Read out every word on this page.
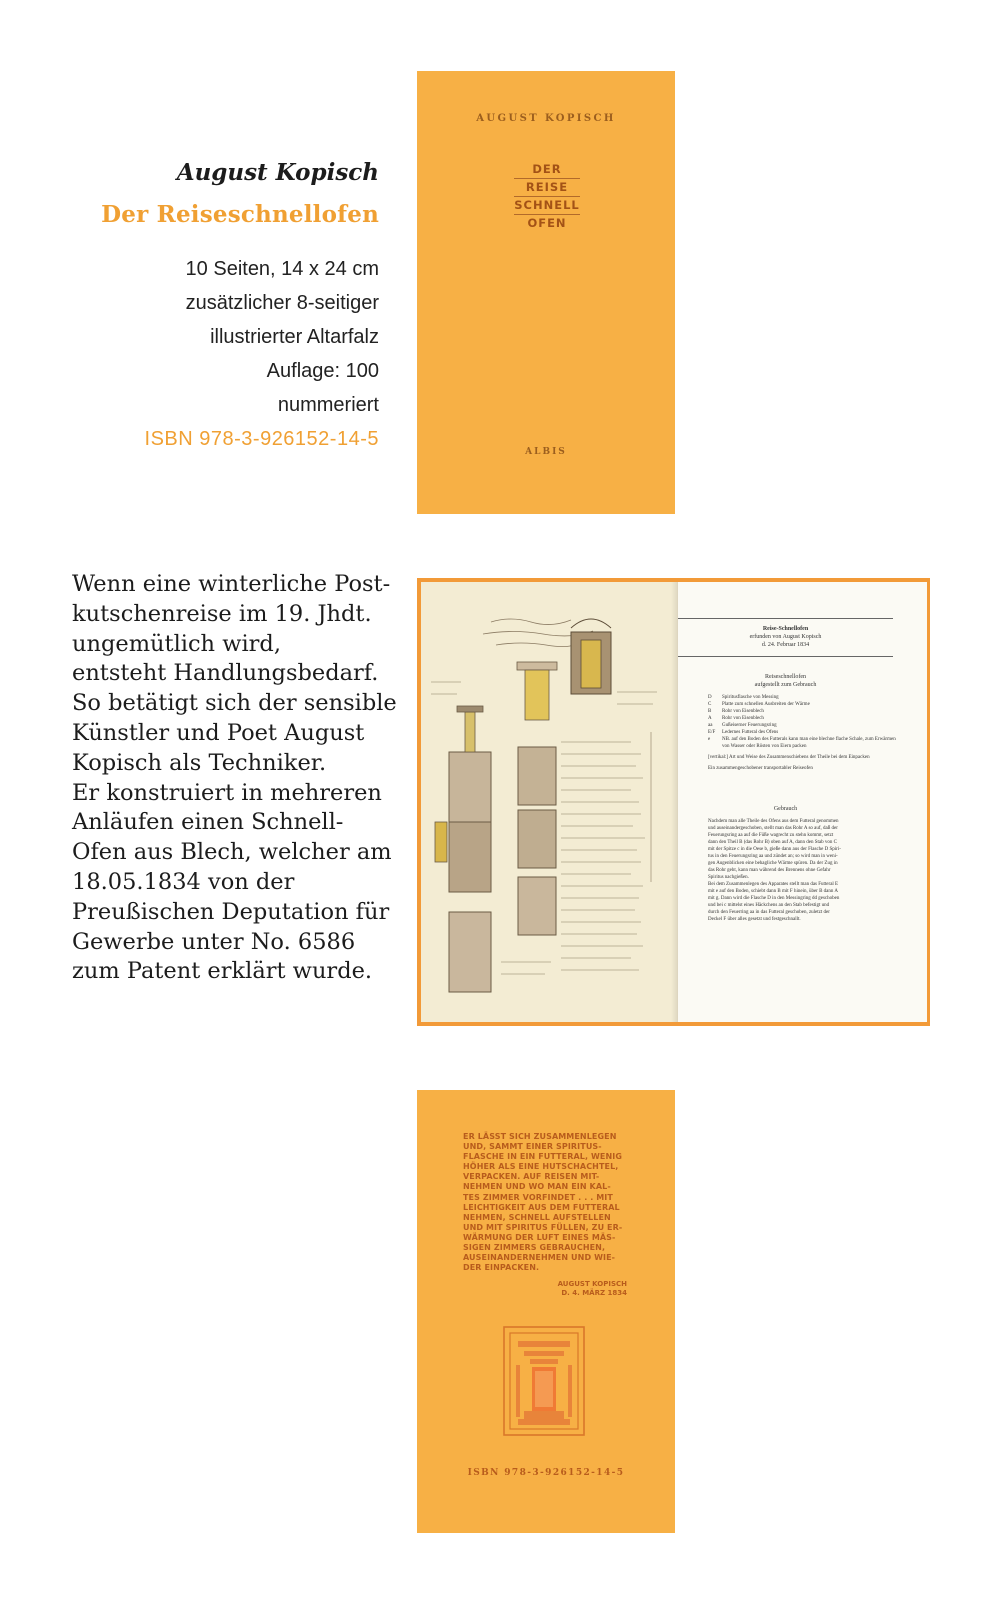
August Kopisch
Der Reiseschnellofen
10 Seiten, 14 x 24 cm
zusätzlicher 8-seitiger
illustrierter Altarfalz
Auflage: 100
nummeriert
ISBN 978-3-926152-14-5
AUGUST KOPISCH
DER
REISE
SCHNELL
OFEN
ALBIS
Wenn eine winterliche Post-
kutschenreise im 19. Jhdt.
ungemütlich wird,
entsteht Handlungsbedarf.
So betätigt sich der sensible
Künstler und Poet August
Kopisch als Techniker.
Er konstruiert in mehreren
Anläufen einen Schnell-
Ofen aus Blech, welcher am
18.05.1834 von der
Preußischen Deputation für
Gewerbe unter No. 6586
zum Patent erklärt wurde.
Reise-Schnellofen
erfunden von August Kopisch
d. 24. Februar 1834
Reiseschnellofen
aufgestellt zum Gebrauch
D Spiritusflasche von Messing
C Platte zum schnellen Ausbreiten der Wärme
B Rohr von Eisenblech
A Rohr von Eisenblech
aa Gußeiserner Feuerungsring
E/F Ledernes Futteral des Ofens
e	NB. auf den Boden des Futterals kann man eine blechne flache Schale, zum Erwärmen von Wasser oder Rösten von Eiern packen
[vertikal:] Art und Weise des Zusammenschiebens der Theile bei dem Einpacken
Ein zusammengeschobener transportabler Reiseofen
Gebrauch
Nachdem man alle Theile des Ofens aus dem Futteral genommen
und auseinandergeschoben, stellt man das Rohr A so auf, daß der
Feuerungsring aa auf die Füße wagrecht zu stehn kommt, setzt
dann den Theil B (das Rohr B) oben auf A, dann den Stab von C
mit der Spitze c in die Oese b, gieße dann aus der Flasche D Spiri-
tus in den Feuerungsring aa und zündet an; so wird man in weni-
gen Augenblicken eine behagliche Wärme spüren. Da der Zug in
das Rohr geht, kann man während des Brennens ohne Gefahr
Spiritus nachgießen.
Bei dem Zusammenlegen des Apparates stellt man das Futteral E
mit e auf den Boden, schiebt dann B mit F hinein, über B dann A
mit g. Dann wird die Flasche D in den Messingring dd geschoben
und bei c mittelst eines Häckchens an den Stab befestigt und
durch den Feuerring aa in das Futteral geschoben, zuletzt der
Deckel F über alles gesetzt und festgeschnallt.
ER LÄSST SICH ZUSAMMENLEGEN
UND, SAMMT EINER SPIRITUS-
FLASCHE IN EIN FUTTERAL, WENIG
HÖHER ALS EINE HUTSCHACHTEL,
VERPACKEN. AUF REISEN MIT-
NEHMEN UND WO MAN EIN KAL-
TES ZIMMER VORFINDET . . . MIT
LEICHTIGKEIT AUS DEM FUTTERAL
NEHMEN, SCHNELL AUFSTELLEN
UND MIT SPIRITUS FÜLLEN, ZU ER-
WÄRMUNG DER LUFT EINES MÄS-
SIGEN ZIMMERS GEBRAUCHEN,
AUSEINANDERNEHMEN UND WIE-
DER EINPACKEN.
AUGUST KOPISCH
D. 4. MÄRZ 1834
ISBN 978-3-926152-14-5
